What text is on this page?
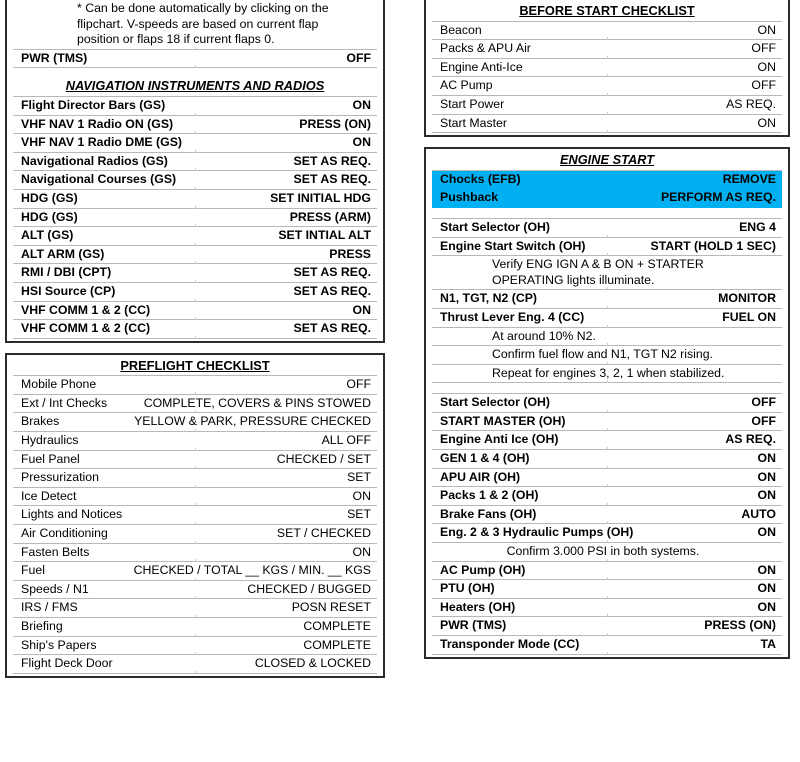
* Can be done automatically by clicking on the flipchart. V-speeds are based on current flap position or flaps 18 if current flaps 0.
PWR (TMS)	OFF
NAVIGATION INSTRUMENTS AND RADIOS
Flight Director Bars (GS)	ON
VHF NAV 1 Radio ON (GS)	PRESS (ON)
VHF NAV 1 Radio DME (GS)	ON
Navigational Radios (GS)	SET AS REQ.
Navigational Courses (GS)	SET AS REQ.
HDG (GS)	SET INITIAL HDG
HDG (GS)	PRESS (ARM)
ALT (GS)	SET INTIAL ALT
ALT ARM (GS)	PRESS
RMI / DBI (CPT)	SET AS REQ.
HSI Source (CP)	SET AS REQ.
VHF COMM 1 & 2 (CC)	ON
VHF COMM 1 & 2 (CC)	SET AS REQ.
PREFLIGHT CHECKLIST
Mobile Phone	OFF
Ext / Int Checks	COMPLETE, COVERS & PINS STOWED
Brakes	YELLOW & PARK, PRESSURE CHECKED
Hydraulics	ALL OFF
Fuel Panel	CHECKED / SET
Pressurization	SET
Ice Detect	ON
Lights and Notices	SET
Air Conditioning	SET / CHECKED
Fasten Belts	ON
Fuel	CHECKED / TOTAL __ KGS / MIN. __ KGS
Speeds / N1	CHECKED / BUGGED
IRS / FMS	POSN RESET
Briefing	COMPLETE
Ship's Papers	COMPLETE
Flight Deck Door	CLOSED & LOCKED
BEFORE START CHECKLIST
Beacon	ON
Packs & APU Air	OFF
Engine Anti-Ice	ON
AC Pump	OFF
Start Power	AS REQ.
Start Master	ON
ENGINE START
Chocks (EFB)	REMOVE
Pushback	PERFORM AS REQ.
Start Selector (OH)	ENG 4
Engine Start Switch (OH)	START (HOLD 1 SEC)
Verify ENG IGN A & B ON + STARTER OPERATING lights illuminate.
N1, TGT, N2 (CP)	MONITOR
Thrust Lever Eng. 4 (CC)	FUEL ON
At around 10% N2.
Confirm fuel flow and N1, TGT N2 rising.
Repeat for engines 3, 2, 1 when stabilized.
Start Selector (OH)	OFF
START MASTER (OH)	OFF
Engine Anti Ice (OH)	AS REQ.
GEN 1 & 4 (OH)	ON
APU AIR (OH)	ON
Packs 1 & 2 (OH)	ON
Brake Fans (OH)	AUTO
Eng. 2 & 3 Hydraulic Pumps (OH)	ON
Confirm 3.000 PSI in both systems.
AC Pump (OH)	ON
PTU (OH)	ON
Heaters (OH)	ON
PWR (TMS)	PRESS (ON)
Transponder Mode (CC)	TA
